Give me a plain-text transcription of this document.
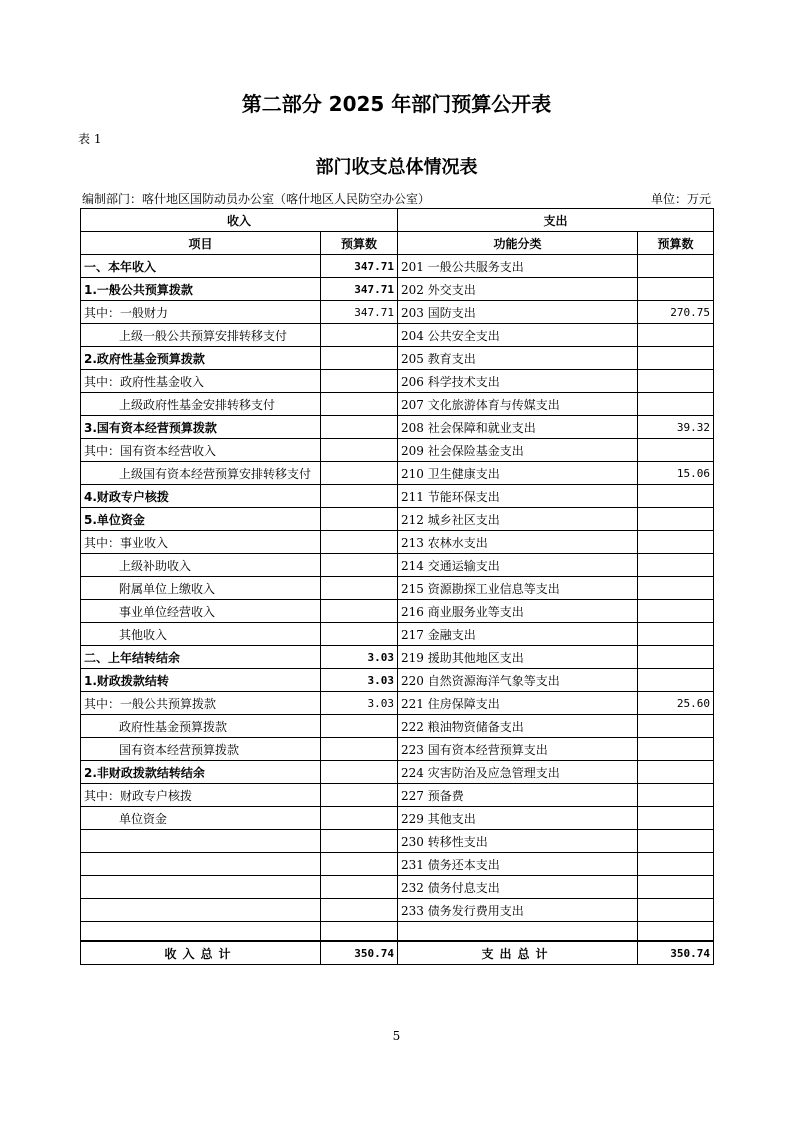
第二部分 2025 年部门预算公开表
表 1
部门收支总体情况表
编制部门：喀什地区国防动员办公室（喀什地区人民防空办公室）	单位：万元
收入		支出	
项目	预算数	功能分类	预算数
一、本年收入	347.71	201 一般公共服务支出	
1.一般公共预算拨款	347.71	202 外交支出	
其中：一般财力	347.71	203 国防支出	270.75
上级一般公共预算安排转移支付		204 公共安全支出	
2.政府性基金预算拨款		205 教育支出	
其中：政府性基金收入		206 科学技术支出	
上级政府性基金安排转移支付		207 文化旅游体育与传媒支出	
3.国有资本经营预算拨款		208 社会保障和就业支出	39.32
其中：国有资本经营收入		209 社会保险基金支出	
上级国有资本经营预算安排转移支付		210 卫生健康支出	15.06
4.财政专户核拨		211 节能环保支出	
5.单位资金		212 城乡社区支出	
其中：事业收入		213 农林水支出	
上级补助收入		214 交通运输支出	
附属单位上缴收入		215 资源勘探工业信息等支出	
事业单位经营收入		216 商业服务业等支出	
其他收入		217 金融支出	
二、上年结转结余	3.03	219 援助其他地区支出	
1.财政拨款结转	3.03	220 自然资源海洋气象等支出	
其中：一般公共预算拨款	3.03	221 住房保障支出	25.60
政府性基金预算拨款		222 粮油物资储备支出	
国有资本经营预算拨款		223 国有资本经营预算支出	
2.非财政拨款结转结余		224 灾害防治及应急管理支出	
其中：财政专户核拨		227 预备费	
单位资金		229 其他支出	
		230 转移性支出	
		231 债务还本支出	
		232 债务付息支出	
		233 债务发行费用支出	

收入总计	350.74	支出总计	350.74
5
